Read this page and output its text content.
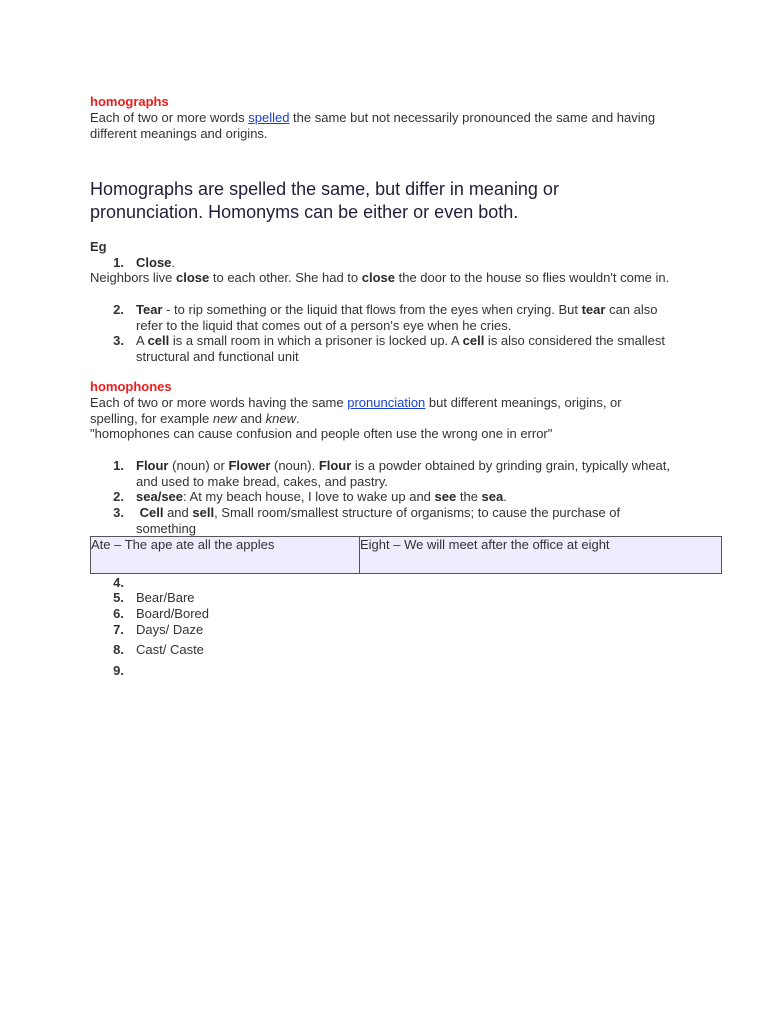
homographs
Each of two or more words spelled the same but not necessarily pronounced the same and having
different meanings and origins.
Homographs are spelled the same, but differ in meaning or
pronunciation. Homonyms can be either or even both.
Eg
1. Close.
Neighbors live close to each other. She had to close the door to the house so flies wouldn't come in.
2. Tear - to rip something or the liquid that flows from the eyes when crying. But tear can also
refer to the liquid that comes out of a person's eye when he cries.
3. A cell is a small room in which a prisoner is locked up. A cell is also considered the smallest
structural and functional unit
homophones
Each of two or more words having the same pronunciation but different meanings, origins, or
spelling, for example new and knew.
"homophones can cause confusion and people often use the wrong one in error"
1. Flour (noun) or Flower (noun). Flour is a powder obtained by grinding grain, typically wheat,
and used to make bread, cakes, and pastry.
2. sea/see: At my beach house, I love to wake up and see the sea.
3. Cell and sell, Small room/smallest structure of organisms; to cause the purchase of
something
Ate – The ape ate all the apples	Eight – We will meet after the office at eight
4.
5. Bear/Bare
6. Board/Bored
7. Days/ Daze
8. Cast/ Caste
9.
